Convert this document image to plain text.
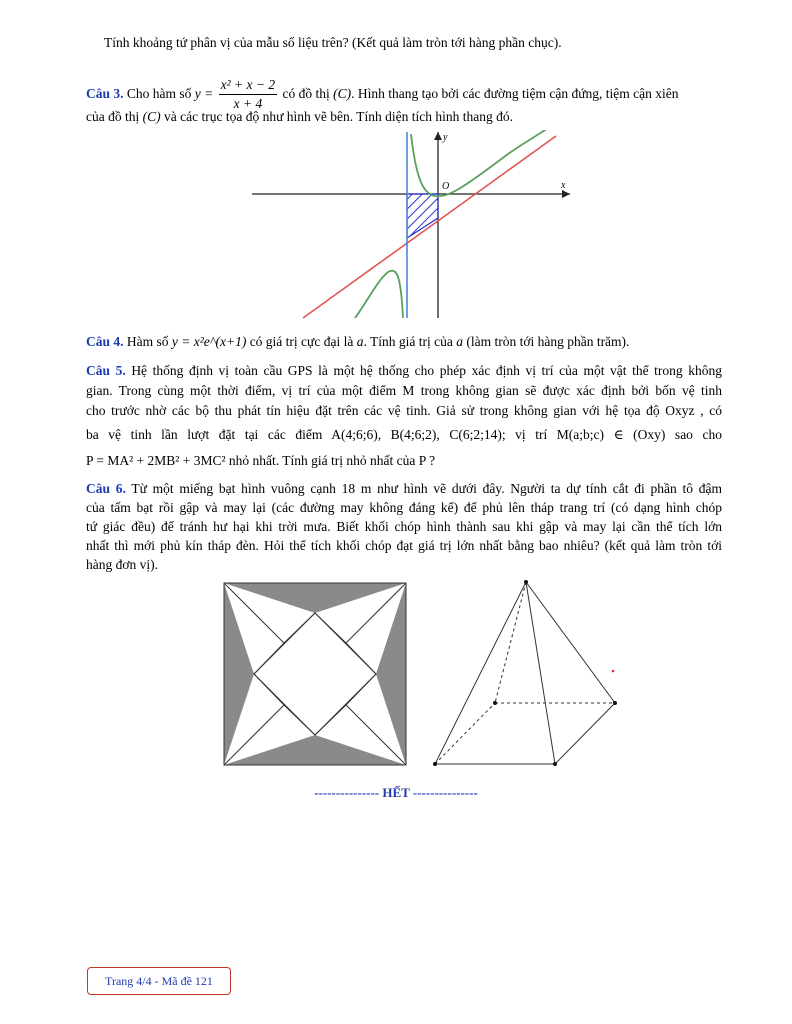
Tính khoảng tứ phân vị của mẫu số liệu trên? (Kết quả làm tròn tới hàng phần chục).
Câu 3. Cho hàm số $y = \frac{\text{x² + x − 2}}{x + 4}$ có đồ thị (C). Hình thang tạo bởi các đường tiệm cận đứng, tiệm cận xiên
của đồ thị (C) và các trục tọa độ như hình vẽ bên. Tính diện tích hình thang đó.
y
x
O
Câu 4. Hàm số y = x²e^(x+1) có giá trị cực đại là a. Tính giá trị của a (làm tròn tới hàng phần trăm).
Câu 5. Hệ thống định vị toàn cầu GPS là một hệ thống cho phép xác định vị trí của một vật thể trong không
gian. Trong cùng một thời điểm, vị trí của một điểm M trong không gian sẽ được xác định bởi bốn vệ tinh
cho trước nhờ các bộ thu phát tín hiệu đặt trên các vệ tinh. Giả sử trong không gian với hệ tọa độ Oxyz , có
ba vệ tinh lần lượt đặt tại các điểm A(4;6;6), B(4;6;2), C(6;2;14); vị trí M(a;b;c) ∈ (Oxy) sao cho
P = MA² + 2MB² + 3MC² nhỏ nhất. Tính giá trị nhỏ nhất của P ?
Câu 6. Từ một miếng bạt hình vuông cạnh 18 m như hình vẽ dưới đây. Người ta dự tính cắt đi phần tô đậm
của tấm bạt rồi gập và may lại (các đường may không đáng kể) để phủ lên tháp trang trí (có dạng hình chóp
tứ giác đều) để tránh hư hại khi trời mưa. Biết khối chóp hình thành sau khi gập và may lại cần thể tích lớn
nhất thì mới phủ kín tháp đèn. Hỏi thể tích khối chóp đạt giá trị lớn nhất bằng bao nhiêu? (kết quả làm tròn tới
hàng đơn vị).
--------------- HẾT ---------------
Trang 4/4 - Mã đề 121
